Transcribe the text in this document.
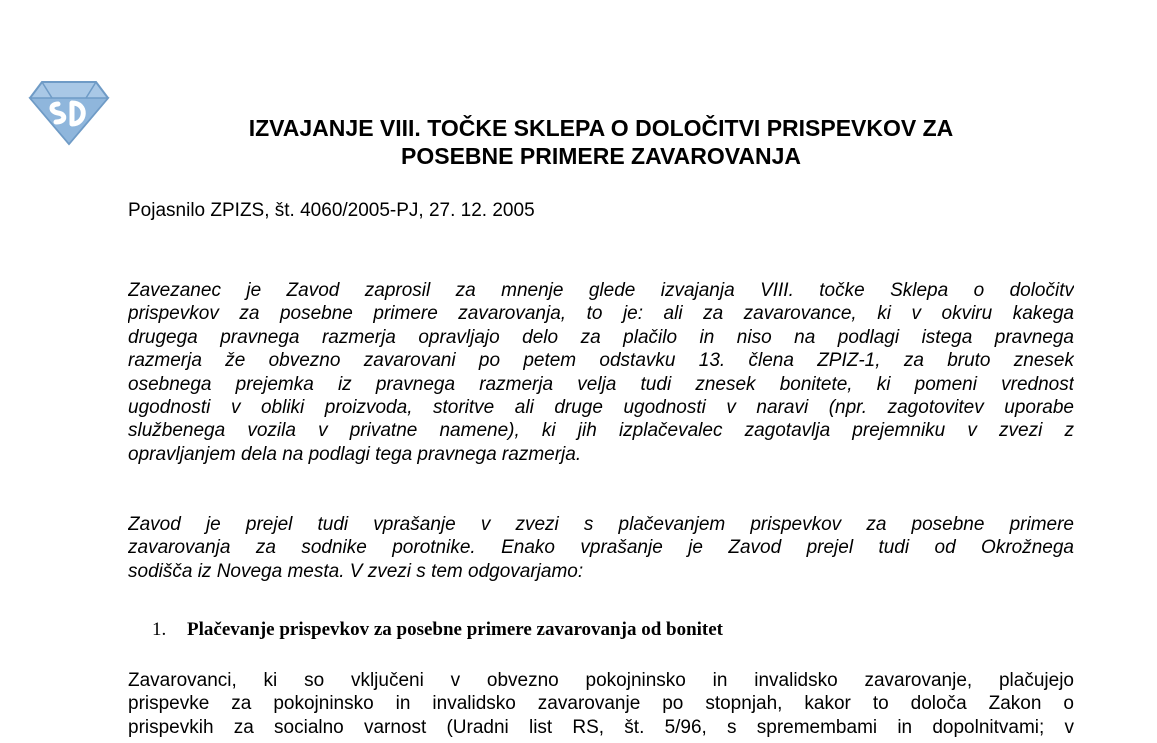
IZVAJANJE VIII. TOČKE SKLEPA O DOLOČITVI PRISPEVKOV ZA
POSEBNE PRIMERE ZAVAROVANJA

Pojasnilo ZPIZS, št. 4060/2005-PJ, 27. 12. 2005

Zavezanec je Zavod zaprosil za mnenje glede izvajanja VIII. točke Sklepa o določitv
prispevkov za posebne primere zavarovanja, to je: ali za zavarovance, ki v okviru kakega
drugega pravnega razmerja opravljajo delo za plačilo in niso na podlagi istega pravnega
razmerja že obvezno zavarovani po petem odstavku 13. člena ZPIZ-1, za bruto znesek
osebnega prejemka iz pravnega razmerja velja tudi znesek bonitete, ki pomeni vrednost
ugodnosti v obliki proizvoda, storitve ali druge ugodnosti v naravi (npr. zagotovitev uporabe
službenega vozila v privatne namene), ki jih izplačevalec zagotavlja prejemniku v zvezi z
opravljanjem dela na podlagi tega pravnega razmerja.
Zavod je prejel tudi vprašanje v zvezi s plačevanjem prispevkov za posebne primere
zavarovanja za sodnike porotnike. Enako vprašanje je Zavod prejel tudi od Okrožnega
sodišča iz Novega mesta. V zvezi s tem odgovarjamo:
1.	Plačevanje prispevkov za posebne primere zavarovanja od bonitet
Zavarovanci, ki so vključeni v obvezno pokojninsko in invalidsko zavarovanje, plačujejo
prispevke za pokojninsko in invalidsko zavarovanje po stopnjah, kakor to določa Zakon o
prispevkih za socialno varnost (Uradni list RS, št. 5/96, s spremembami in dopolnitvami; v
